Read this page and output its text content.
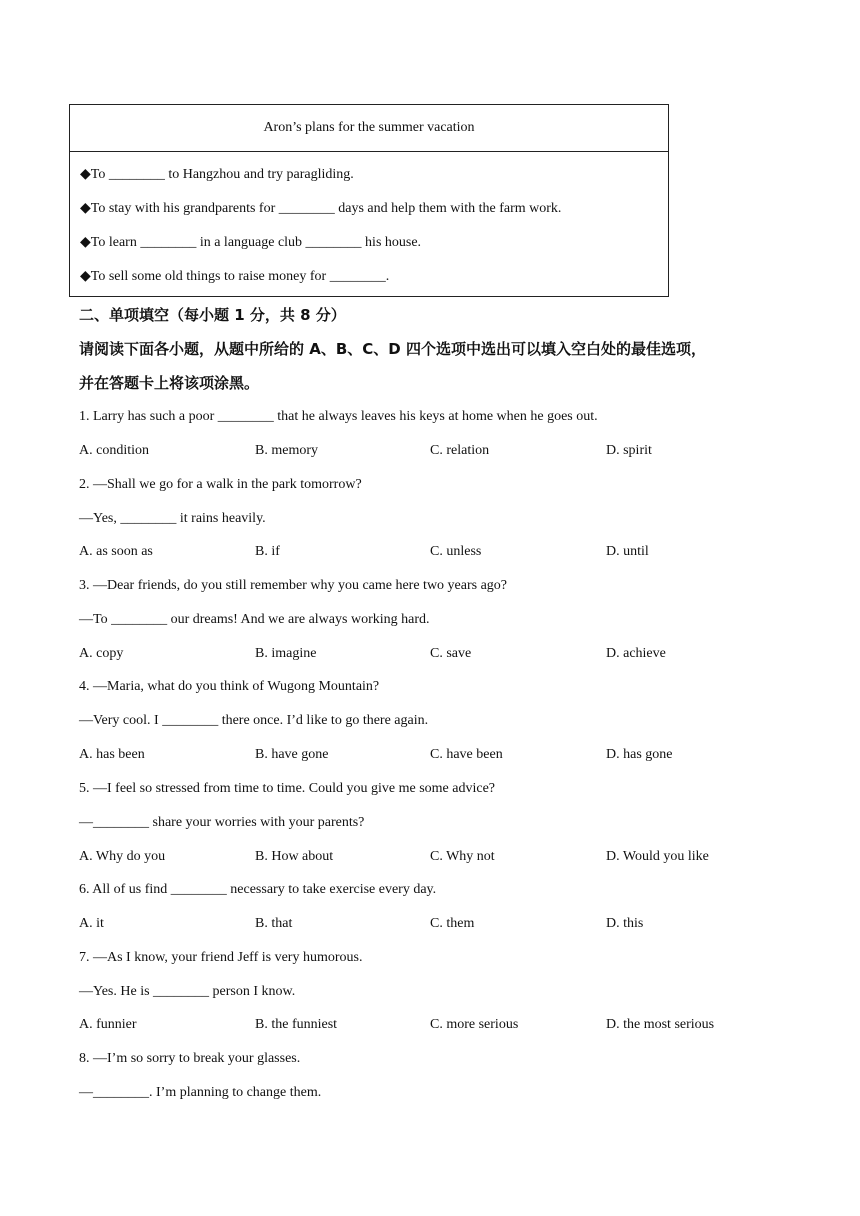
Aron’s plans for the summer vacation
◆To ________ to Hangzhou and try paragliding.
◆To stay with his grandparents for ________ days and help them with the farm work.
◆To learn ________ in a language club ________ his house.
◆To sell some old things to raise money for ________.
二、单项填空（每小题 1 分，共 8 分）
请阅读下面各小题，从题中所给的 A、B、C、D 四个选项中选出可以填入空白处的最佳选项，
并在答题卡上将该项涂黑。
1. Larry has such a poor ________ that he always leaves his keys at home when he goes out.
A. condition	B. memory	C. relation	D. spirit
2. —Shall we go for a walk in the park tomorrow?
—Yes, ________ it rains heavily.
A. as soon as	B. if	C. unless	D. until
3. —Dear friends, do you still remember why you came here two years ago?
—To ________ our dreams! And we are always working hard.
A. copy	B. imagine	C. save	D. achieve
4. —Maria, what do you think of Wugong Mountain?
—Very cool. I ________ there once. I’d like to go there again.
A. has been	B. have gone	C. have been	D. has gone
5. —I feel so stressed from time to time. Could you give me some advice?
—________ share your worries with your parents?
A. Why do you	B. How about	C. Why not	D. Would you like
6. All of us find ________ necessary to take exercise every day.
A. it	B. that	C. them	D. this
7. —As I know, your friend Jeff is very humorous.
—Yes. He is ________ person I know.
A. funnier	B. the funniest	C. more serious	D. the most serious
8. —I’m so sorry to break your glasses.
—________. I’m planning to change them.
